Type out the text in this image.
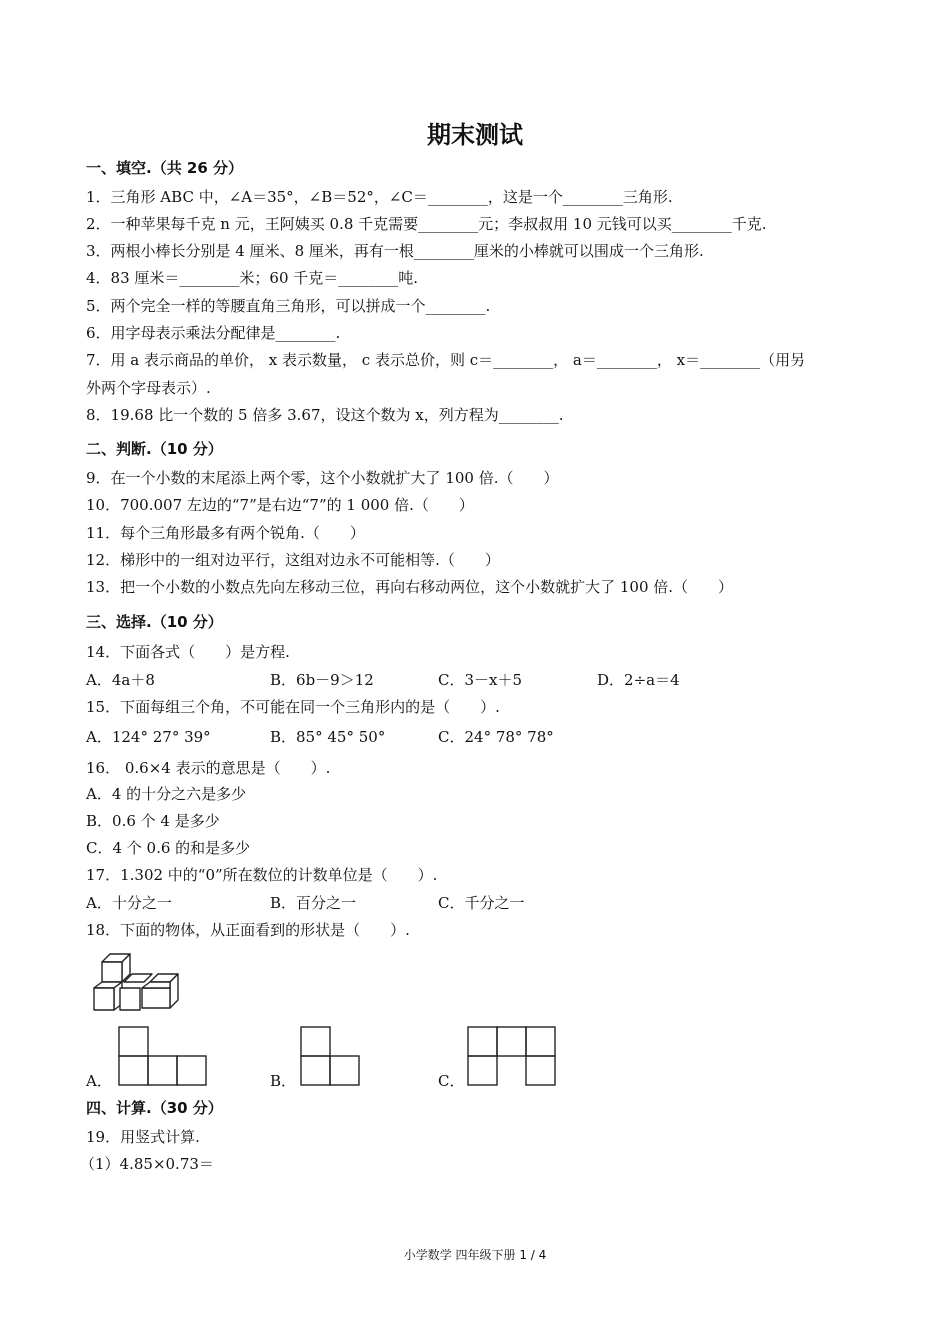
期末测试
一、填空.（共 26 分）
1．三角形 ABC 中，∠A＝35°，∠B＝52°，∠C＝________，这是一个________三角形.
2．一种苹果每千克 n 元，王阿姨买 0.8 千克需要________元；李叔叔用 10 元钱可以买________千克.
3．两根小棒长分别是 4 厘米、8 厘米，再有一根________厘米的小棒就可以围成一个三角形.
4．83 厘米＝________米；60 千克＝________吨.
5．两个完全一样的等腰直角三角形，可以拼成一个________.
6．用字母表示乘法分配律是________.
7．用 a 表示商品的单价， x 表示数量， c 表示总价，则 c＝________， a＝________， x＝________（用另
外两个字母表示）.
8．19.68 比一个数的 5 倍多 3.67，设这个数为 x，列方程为________.
二、判断.（10 分）
9．在一个小数的末尾添上两个零，这个小数就扩大了 100 倍.（　　）
10．700.007 左边的“7”是右边“7”的 1 000 倍.（　　）
11．每个三角形最多有两个锐角.（　　）
12．梯形中的一组对边平行，这组对边永不可能相等.（　　）
13．把一个小数的小数点先向左移动三位，再向右移动两位，这个小数就扩大了 100 倍.（　　）
三、选择.（10 分）
14．下面各式（　　）是方程.
A．4a＋8	B．6b－9＞12	C．3－x＋5	D．2÷a＝4
15．下面每组三个角，不可能在同一个三角形内的是（　　）.
A．124° 27° 39°	B．85° 45° 50°	C．24° 78° 78°
16． 0.6×4 表示的意思是（　　）.
A．4 的十分之六是多少
B．0.6 个 4 是多少
C．4 个 0.6 的和是多少
17．1.302 中的“0”所在数位的计数单位是（　　）.
A．十分之一	B．百分之一	C．千分之一
18．下面的物体，从正面看到的形状是（　　）.
A．	B．	C．
四、计算.（30 分）
19．用竖式计算.
（1）4.85×0.73＝
小学数学 四年级下册 1 / 4
